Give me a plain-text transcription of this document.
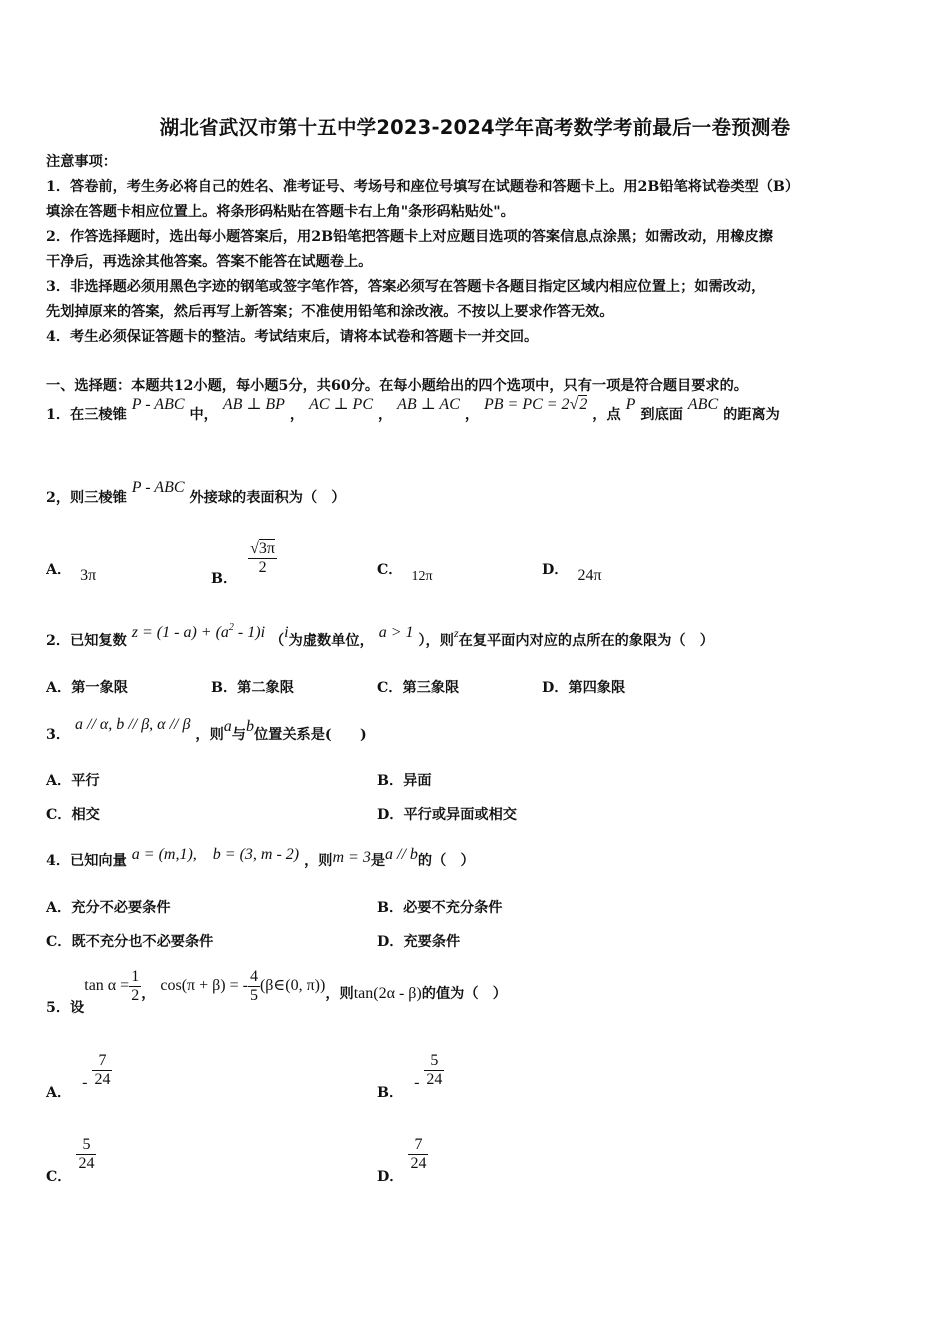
湖北省武汉市第十五中学2023-2024学年高考数学考前最后一卷预测卷
注意事项：
1．答卷前，考生务必将自己的姓名、准考证号、考场号和座位号填写在试题卷和答题卡上。用2B铅笔将试卷类型（B）
填涂在答题卡相应位置上。将条形码粘贴在答题卡右上角"条形码粘贴处"。
2．作答选择题时，选出每小题答案后，用2B铅笔把答题卡上对应题目选项的答案信息点涂黑；如需改动，用橡皮擦
干净后，再选涂其他答案。答案不能答在试题卷上。
3．非选择题必须用黑色字迹的钢笔或签字笔作答，答案必须写在答题卡各题目指定区域内相应位置上；如需改动，
先划掉原来的答案，然后再写上新答案；不准使用铅笔和涂改液。不按以上要求作答无效。
4．考生必须保证答题卡的整洁。考试结束后，请将本试卷和答题卡一并交回。
一、选择题：本题共12小题，每小题5分，共60分。在每小题给出的四个选项中，只有一项是符合题目要求的。
1．在三棱锥 P - ABC 中， AB ⊥ BP ， AC ⊥ PC ， AB ⊥ AC ， PB = PC = 2√2 ，点 P 到底面 ABC 的距离为
2，则三棱锥 P - ABC 外接球的表面积为（　）
A． 3π	B．
$\frac{√3\pi}{2}$	C． 12π	D． 24π
2．已知复数 $z = (1 - a) + (a^2 - 1)i$ （i为虚数单位， a > 1 ），则$^z$在复平面内对应的点所在的象限为（　）
A．第一象限	B．第二象限	C．第三象限	D．第四象限
3． a // α, b // β, α // β ，则a与b位置关系是(　　)
A．平行	B．异面
C．相交	D．平行或异面或相交
4．已知向量 a = (m,1),　b = (3, m - 2) ，则m = 3是a // b的（　）
A．充分不必要条件	B．必要不充分条件
C．既不充分也不必要条件	D．充要条件
5．设$\tan \alpha = \frac{1}{2}$ ， cos(π + β) = - $\frac{4}{5}$ (β∈(0, π))，则tan(2α - β)的值为（　）
A． - $\frac{7}{24}$
B． - $\frac{5}{24}$
C．
$\frac{5}{24}$
D．
$\frac{7}{24}$
